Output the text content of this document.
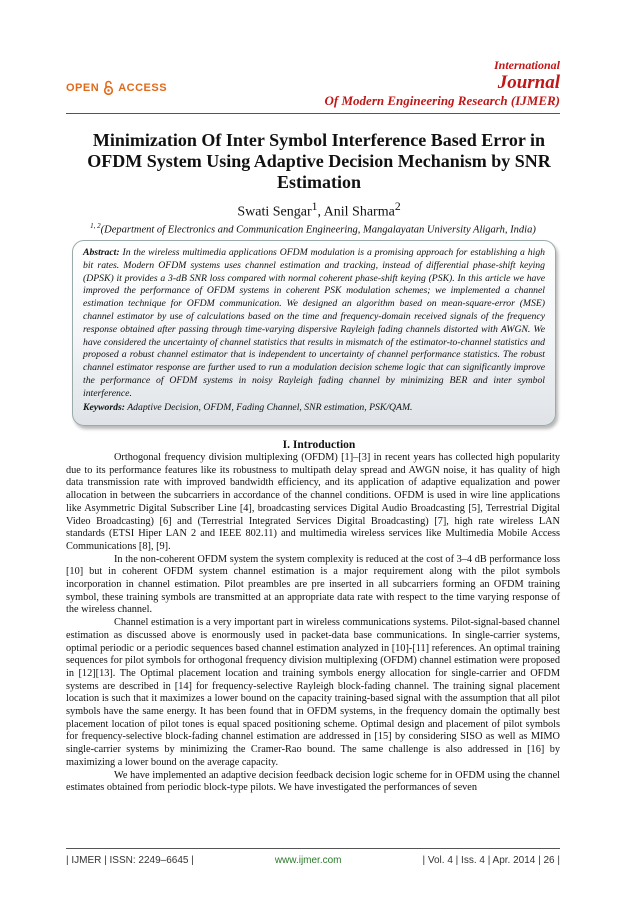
International
Journal
Of Modern Engineering Research (IJMER)
OPEN ACCESS
Minimization Of Inter Symbol Interference Based Error in OFDM System Using Adaptive Decision Mechanism by SNR Estimation
Swati Sengar$^1$, Anil Sharma$^2$
$^{1, 2}$(Department of Electronics and Communication Engineering, Mangalayatan University Aligarh, India)
Abstract: In the wireless multimedia applications OFDM modulation is a promising approach for establishing a high bit rates. Modern OFDM systems uses channel estimation and tracking, instead of differential phase-shift keying (DPSK) it provides a 3-dB SNR loss compared with normal coherent phase-shift keying (PSK). In this article we have improved the performance of OFDM systems in coherent PSK modulation schemes; we implemented a channel estimation technique for OFDM communication. We designed an algorithm based on mean-square-error (MSE) channel estimator by use of calculations based on the time and frequency-domain received signals of the frequency response obtained after passing through time-varying dispersive Rayleigh fading channels distorted with AWGN. We have considered the uncertainty of channel statistics that results in mismatch of the estimator-to-channel statistics and proposed a robust channel estimator that is independent to uncertainty of channel performance statistics. The robust channel estimator response are further used to run a modulation decision scheme logic that can significantly improve the performance of OFDM systems in noisy Rayleigh fading channel by minimizing BER and inter symbol interference.
Keywords: Adaptive Decision, OFDM, Fading Channel, SNR estimation, PSK/QAM.
I. Introduction

Orthogonal frequency division multiplexing (OFDM) [1]–[3] in recent years has collected high popularity due to its performance features like its robustness to multipath delay spread and AWGN noise, it has quality of high data transmission rate with improved bandwidth efficiency, and its application of adaptive equalization and power allocation in between the subcarriers in accordance of the channel conditions. OFDM is used in wire line applications like Asymmetric Digital Subscriber Line [4], broadcasting services Digital Audio Broadcasting [5], Terrestrial Digital Video Broadcasting) [6] and (Terrestrial Integrated Services Digital Broadcasting) [7], high rate wireless LAN standards (ETSI Hiper LAN 2 and IEEE 802.11) and multimedia wireless services like Multimedia Mobile Access Communications [8], [9].

In the non-coherent OFDM system the system complexity is reduced at the cost of 3–4 dB performance loss [10] but in coherent OFDM system channel estimation is a major requirement along with the pilot symbols incorporation in channel estimation. Pilot preambles are pre inserted in all subcarriers forming an OFDM training symbol, these training symbols are transmitted at an appropriate data rate with respect to the time varying response of the wireless channel.

Channel estimation is a very important part in wireless communications systems. Pilot-signal-based channel estimation as discussed above is enormously used in packet-data base communications. In single-carrier systems, optimal periodic or a periodic sequences based channel estimation analyzed in [10]-[11] references. An optimal training sequences for pilot symbols for orthogonal frequency division multiplexing (OFDM) channel estimation were proposed in [12][13]. The Optimal placement location and training symbols energy allocation for single-carrier and OFDM systems are described in [14] for frequency-selective Rayleigh block-fading channel. The training signal placement location is such that it maximizes a lower bound on the capacity training-based signal with the assumption that all pilot symbols have the same energy. It has been found that in OFDM systems, in the frequency domain the optimally best placement location of pilot tones is equal spaced positioning scheme. Optimal design and placement of pilot symbols for frequency-selective block-fading channel estimation are addressed in [15] by considering SISO as well as MIMO single-carrier systems by minimizing the Cramer-Rao bound. The same challenge is also addressed in [16] by maximizing a lower bound on the average capacity.

We have implemented an adaptive decision feedback decision logic scheme for in OFDM using the channel estimates obtained from periodic block-type pilots. We have investigated the performances of seven

| IJMER | ISSN: 2249–6645 |	www.ijmer.com	| Vol. 4 | Iss. 4 | Apr. 2014 | 26 |
